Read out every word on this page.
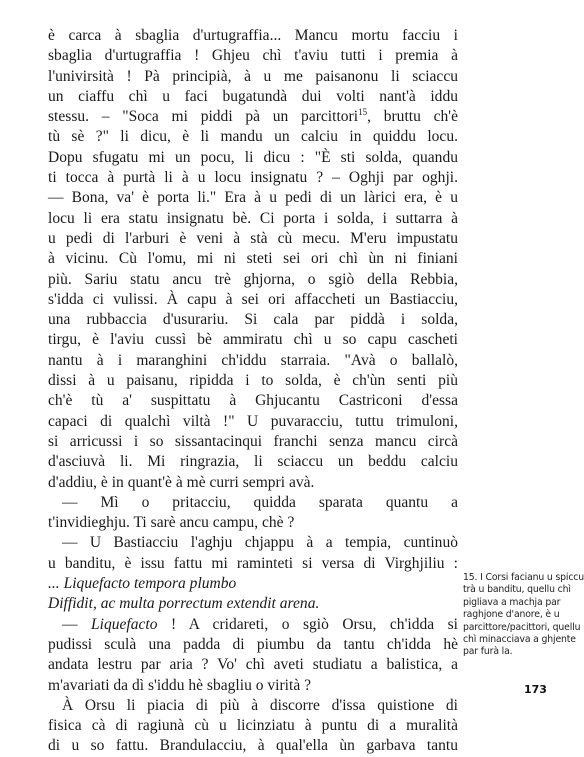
è carca à sbaglia d'urtugraffia... Mancu mortu facciu i
sbaglia d'urtugraffia ! Ghjeu chì t'aviu tutti i premia à
l'univirsità ! Pà principià, à u me paisanonu li sciaccu
un ciaffu chì u faci bugatundà dui volti nant'à iddu
stessu. – "Soca mi piddi pà un parcittori$^{15}$, bruttu ch'è
tù sè ?" li dicu, è li mandu un calciu in quiddu locu.
Dopu sfugatu mi un pocu, li dicu : "È sti solda, quandu
ti tocca à purtà li à u locu insignatu ? – Oghji par oghji.
— Bona, va' è porta li." Era à u pedi di un làrici era, è u
locu li era statu insignatu bè. Ci porta i solda, i suttarra à
u pedi di l'arburi è veni à stà cù mecu. M'eru impustatu
à vicinu. Cù l'omu, mi ni steti sei ori chì ùn ni finiani
più. Sariu statu ancu trè ghjorna, o sgiò della Rebbia,
s'idda ci vulissi. À capu à sei ori affaccheti un Bastiacciu,
una rubbaccia d'usurariu. Si cala par piddà i solda,
tirgu, è l'aviu cussì bè ammiratu chì u so capu cascheti
nantu à i maranghini ch'iddu starraia. "Avà o ballalò,
dissi à u paisanu, ripidda i to solda, è ch'ùn senti più
ch'è tù a' suspittatu à Ghjucantu Castriconi d'essa
capaci di qualchì viltà !" U puvaracciu, tuttu trimuloni,
si arricussi i so sissantacinqui franchi senza mancu circà
d'asciuvà li. Mi ringrazia, li sciaccu un beddu calciu
d'addiu, è in quant'è à mè curri sempri avà.
— Mì o pritacciu, quidda sparata quantu a
t'invidieghju. Ti sarè ancu campu, chè ?
— U Bastiacciu l'aghju chjappu à a tempia, cuntinuò
u banditu, è issu fattu mi raminteti si versa di Virghjiliu :
... Liquefacto tempora plumbo
Diffidit, ac multa porrectum extendit arena.
— Liquefacto ! A cridareti, o sgiò Orsu, ch'idda si
pudissi sculà una padda di piumbu da tantu ch'idda hè
andata lestru par aria ? Vo' chì aveti studiatu a balistica, a
m'avariati da dì s'iddu hè sbagliu o virità ?
À Orsu li piacia di più à discorre d'issa quistione di
fisica cà di ragiunà cù u licinziatu à puntu di a muralità
di u so fattu. Brandulacciu, à qual'ella ùn garbava tantu
15. I Corsi facianu u spiccu
trà u banditu, quellu chì
pigliava a machja par
raghjone d'anore, è u
parcittore/pacittori, quellu
chì minacciava a ghjente
par furà la.
173
